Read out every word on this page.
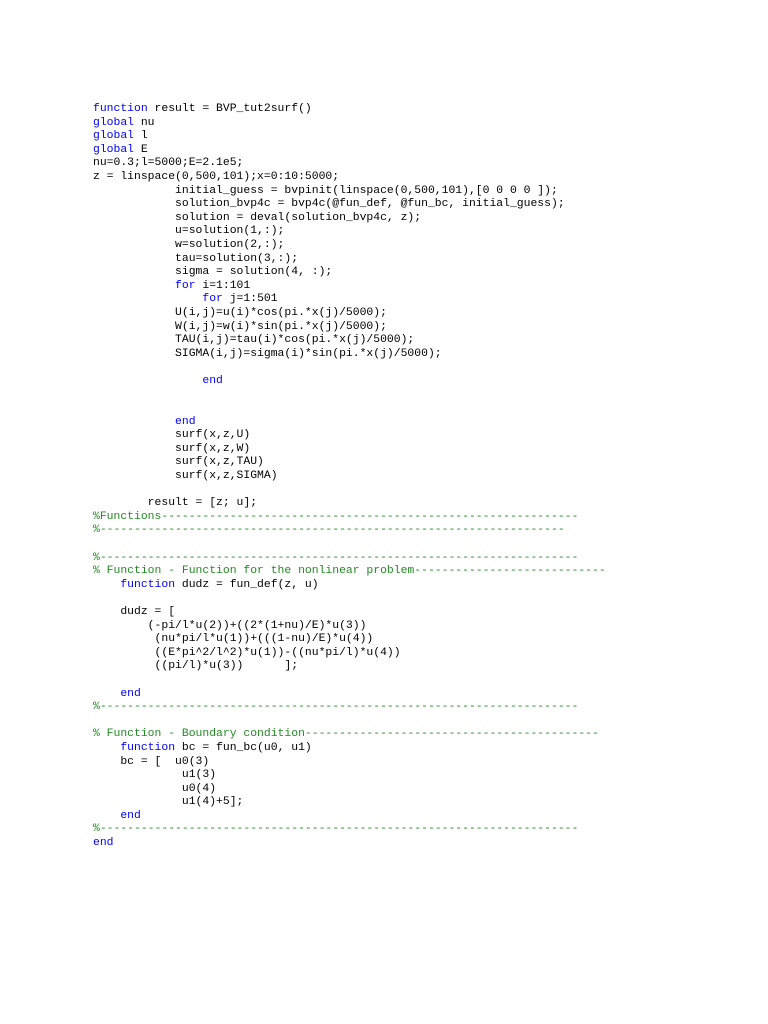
function result = BVP_tut2surf()
global nu
global l
global E
nu=0.3;l=5000;E=2.1e5;
z = linspace(0,500,101);x=0:10:5000;
initial_guess = bvpinit(linspace(0,500,101),[0 0 0 0 ]);
solution_bvp4c = bvp4c(@fun_def, @fun_bc, initial_guess);
solution = deval(solution_bvp4c, z);
u=solution(1,:);
w=solution(2,:);
tau=solution(3,:);
sigma = solution(4, :);
for i=1:101
for j=1:501
U(i,j)=u(i)*cos(pi.*x(j)/5000);
W(i,j)=w(i)*sin(pi.*x(j)/5000);
TAU(i,j)=tau(i)*cos(pi.*x(j)/5000);
SIGMA(i,j)=sigma(i)*sin(pi.*x(j)/5000);
end
end
surf(x,z,U)
surf(x,z,W)
surf(x,z,TAU)
surf(x,z,SIGMA)
result = [z; u];
%Functions-------------------------------------------------------------
%--------------------------------------------------------------------
%----------------------------------------------------------------------
% Function - Function for the nonlinear problem----------------------------
function dudz = fun_def(z, u)
dudz = [
(-pi/l*u(2))+((2*(1+nu)/E)*u(3))
(nu*pi/l*u(1))+(((1-nu)/E)*u(4))
((E*pi^2/l^2)*u(1))-((nu*pi/l)*u(4))
((pi/l)*u(3))      ];
end
%----------------------------------------------------------------------
% Function - Boundary condition-------------------------------------------
function bc = fun_bc(u0, u1)
bc = [  u0(3)
u1(3)
u0(4)
u1(4)+5];
end
%----------------------------------------------------------------------
end
